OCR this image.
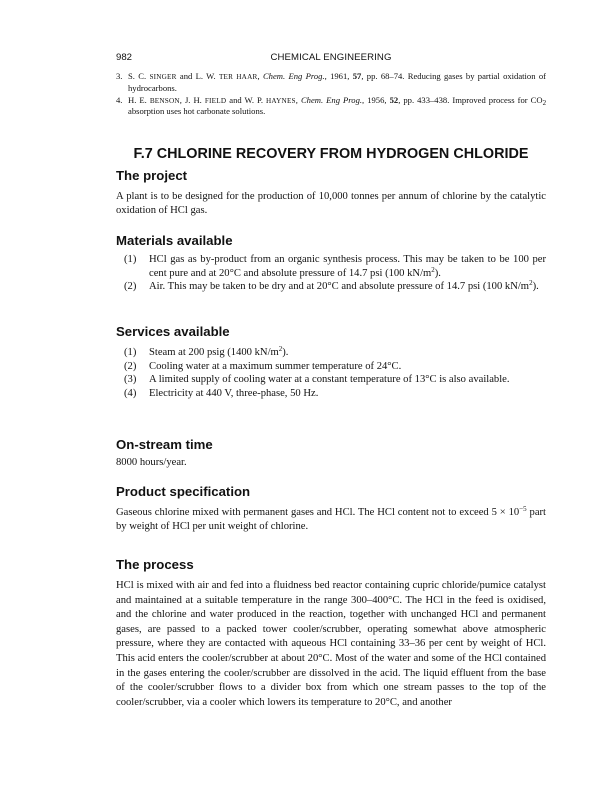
982	CHEMICAL ENGINEERING
3. S. C. SINGER and L. W. TER HAAR, Chem. Eng Prog., 1961, 57, pp. 68–74. Reducing gases by partial oxidation of hydrocarbons.
4. H. E. BENSON, J. H. FIELD and W. P. HAYNES, Chem. Eng Prog., 1956, 52, pp. 433–438. Improved process for $CO_2$ absorption uses hot carbonate solutions.
F.7 CHLORINE RECOVERY FROM HYDROGEN CHLORIDE
The project

A plant is to be designed for the production of 10,000 tonnes per annum of chlorine by the catalytic oxidation of HCl gas.

Materials available
(1) HCl gas as by-product from an organic synthesis process. This may be taken to be 100 per cent pure and at 20°C and absolute pressure of 14.7 psi (100 $kN/m^2$).
(2) Air. This may be taken to be dry and at 20°C and absolute pressure of 14.7 psi (100 $kN/m^2$).
Services available
(1) Steam at 200 psig (1400 $kN/m^2$).
(2) Cooling water at a maximum summer temperature of 24°C.
(3) A limited supply of cooling water at a constant temperature of 13°C is also available.
(4) Electricity at 440 V, three-phase, 50 Hz.
On-stream time

8000 hours/year.

Product specification

Gaseous chlorine mixed with permanent gases and HCl. The HCl content not to exceed $5 \times 10^{-5}$ part by weight of HCl per unit weight of chlorine.

The process

HCl is mixed with air and fed into a fluidness bed reactor containing cupric chloride/pumice catalyst and maintained at a suitable temperature in the range 300–400°C. The HCl in the feed is oxidised, and the chlorine and water produced in the reaction, together with unchanged HCl and permanent gases, are passed to a packed tower cooler/scrubber, operating somewhat above atmospheric pressure, where they are contacted with aqueous HCl containing 33–36 per cent by weight of HCl. This acid enters the cooler/scrubber at about 20°C. Most of the water and some of the HCl contained in the gases entering the cooler/scrubber are dissolved in the acid. The liquid effluent from the base of the cooler/scrubber flows to a divider box from which one stream passes to the top of the cooler/scrubber, via a cooler which lowers its temperature to 20°C, and another
